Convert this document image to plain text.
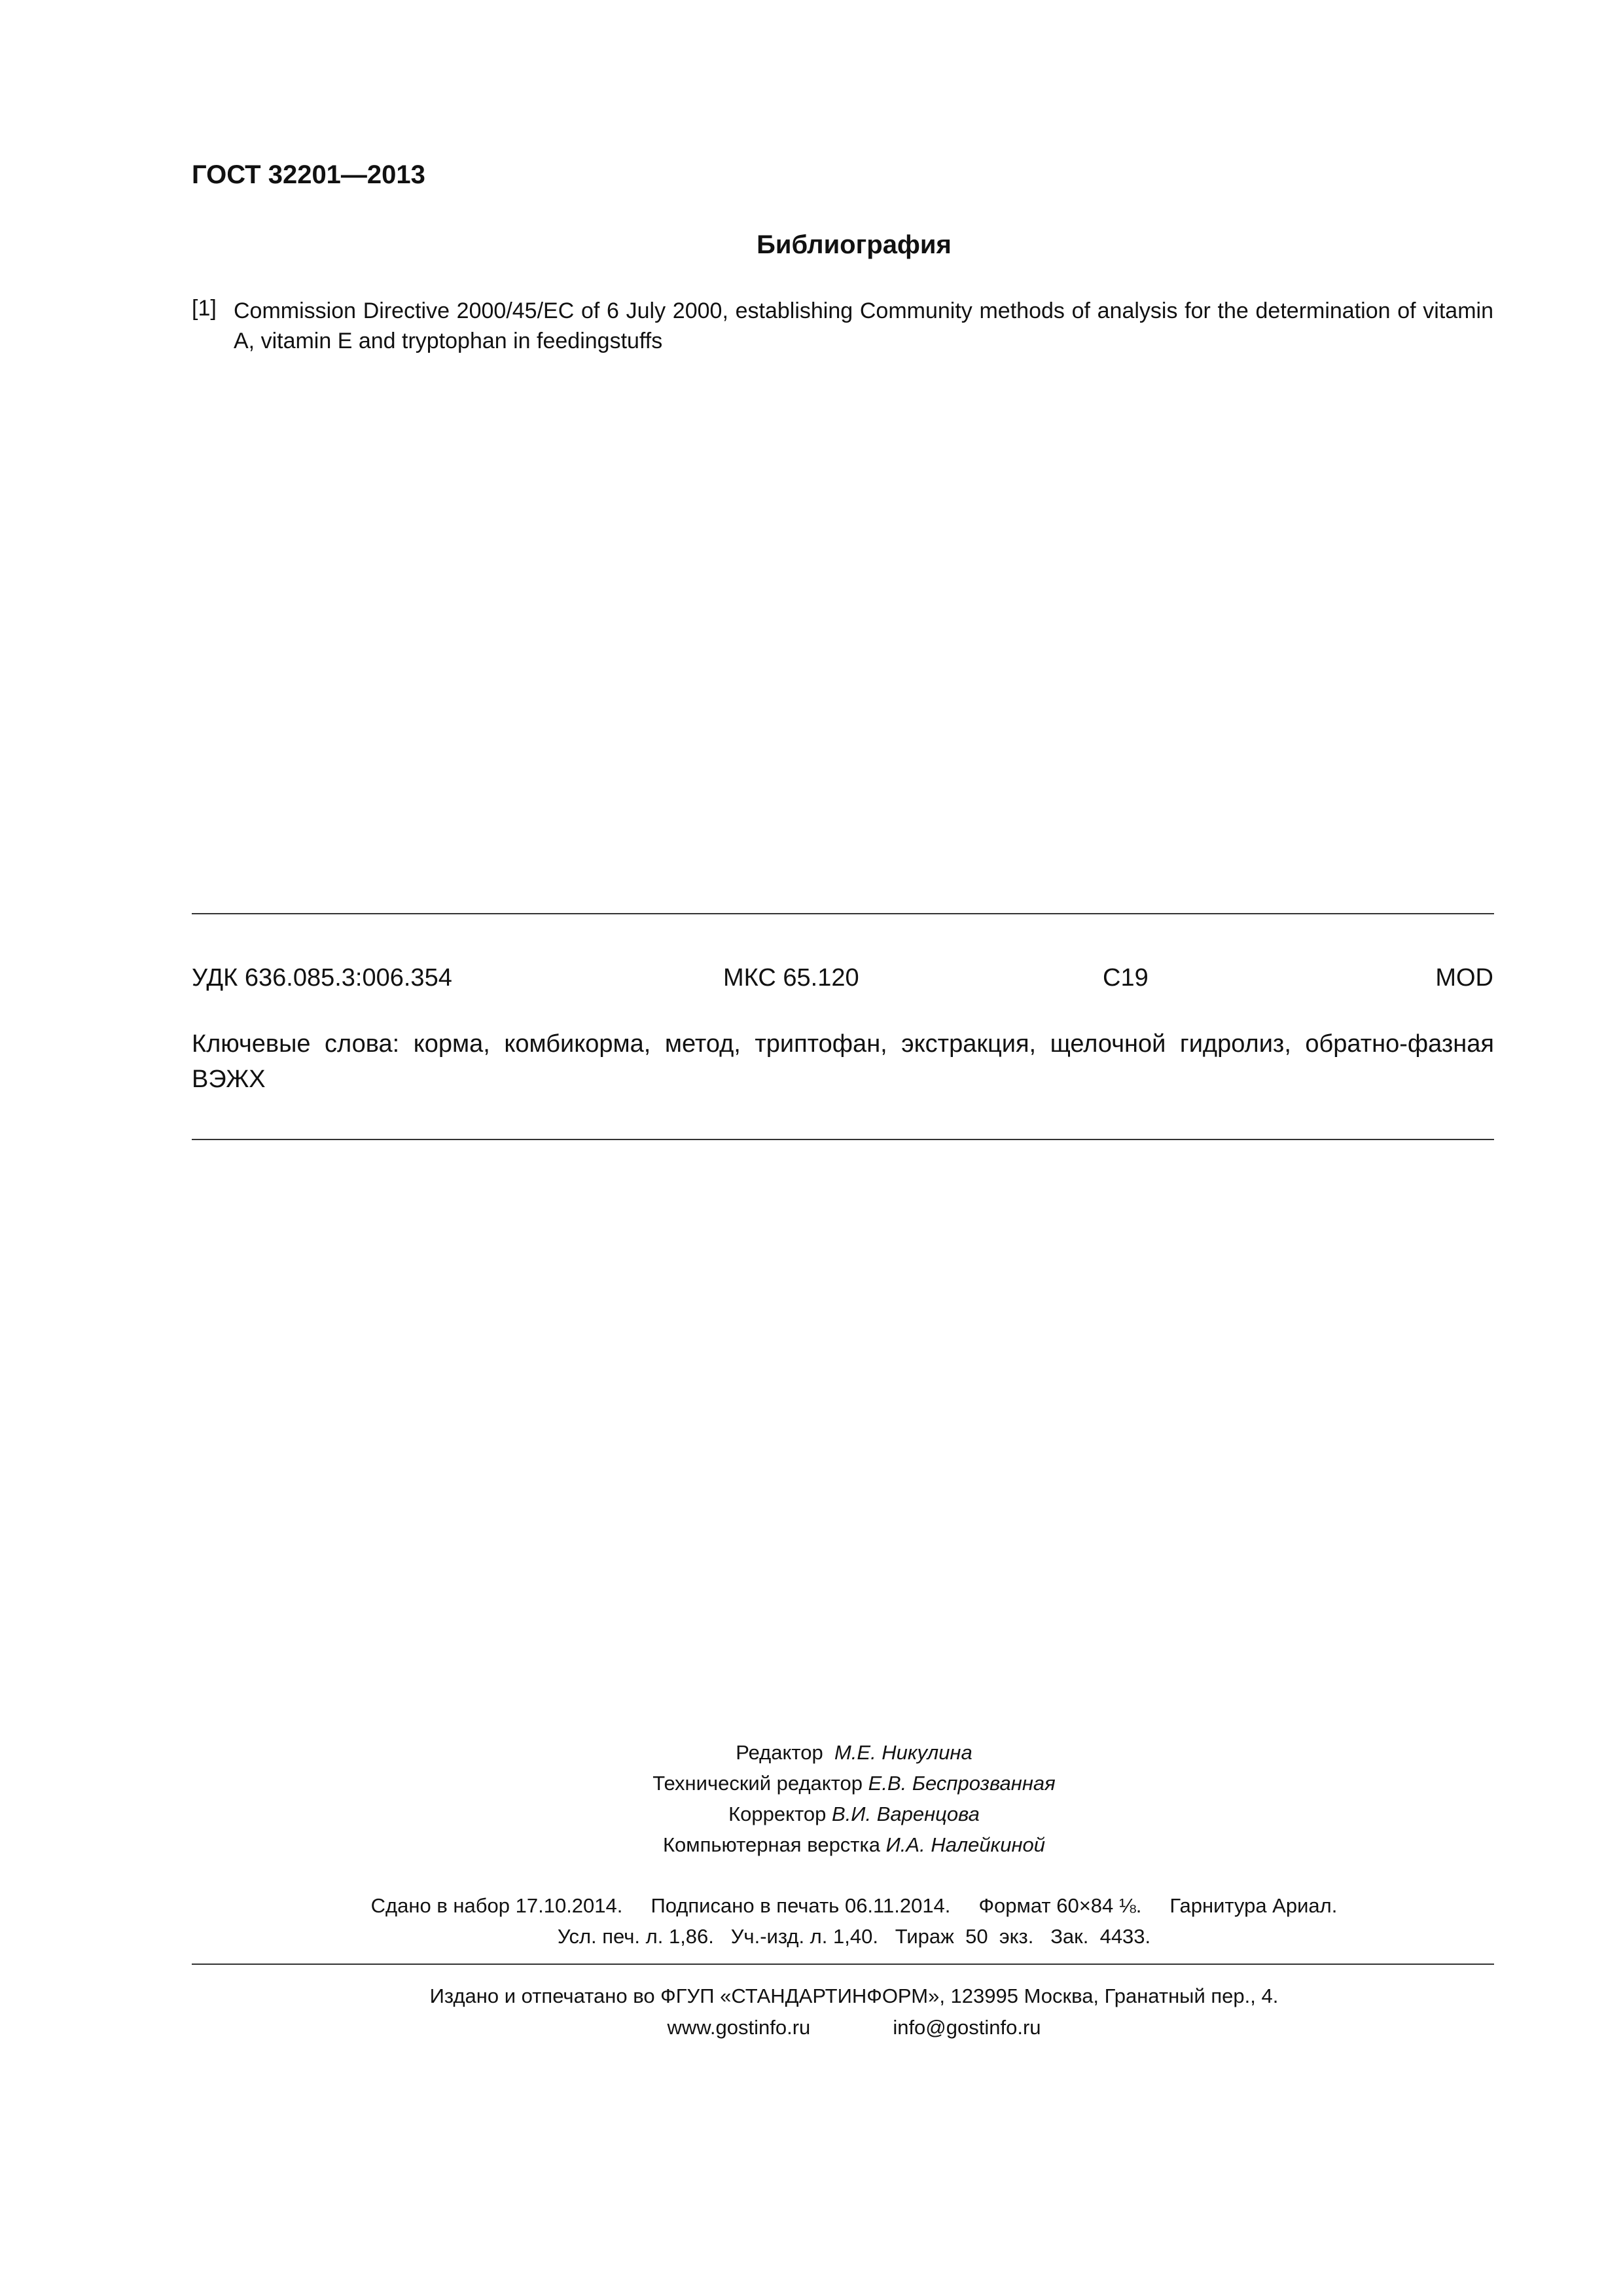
ГОСТ 32201—2013
Библиография
[1] Commission Directive 2000/45/EC of 6 July 2000, establishing Community methods of analysis for the determination of vitamin A, vitamin E and tryptophan in feedingstuffs
УДК 636.085.3:006.354	МКС 65.120	С19	MOD
Ключевые слова: корма, комбикорма, метод, триптофан, экстракция, щелочной гидролиз, обратно-фазная ВЭЖХ
Редактор М.Е. Никулина
Технический редактор Е.В. Беспрозванная
Корректор В.И. Варенцова
Компьютерная верстка И.А. Налейкиной
Сдано в набор 17.10.2014.     Подписано в печать 06.11.2014.     Формат 60×84 ⅛.     Гарнитура Ариал.
Усл. печ. л. 1,86.   Уч.-изд. л. 1,40.   Тираж  50  экз.   Зак.  4433.
Издано и отпечатано во ФГУП «СТАНДАРТИНФОРМ», 123995 Москва, Гранатный пер., 4.
www.gostinfo.ru	info@gostinfo.ru
